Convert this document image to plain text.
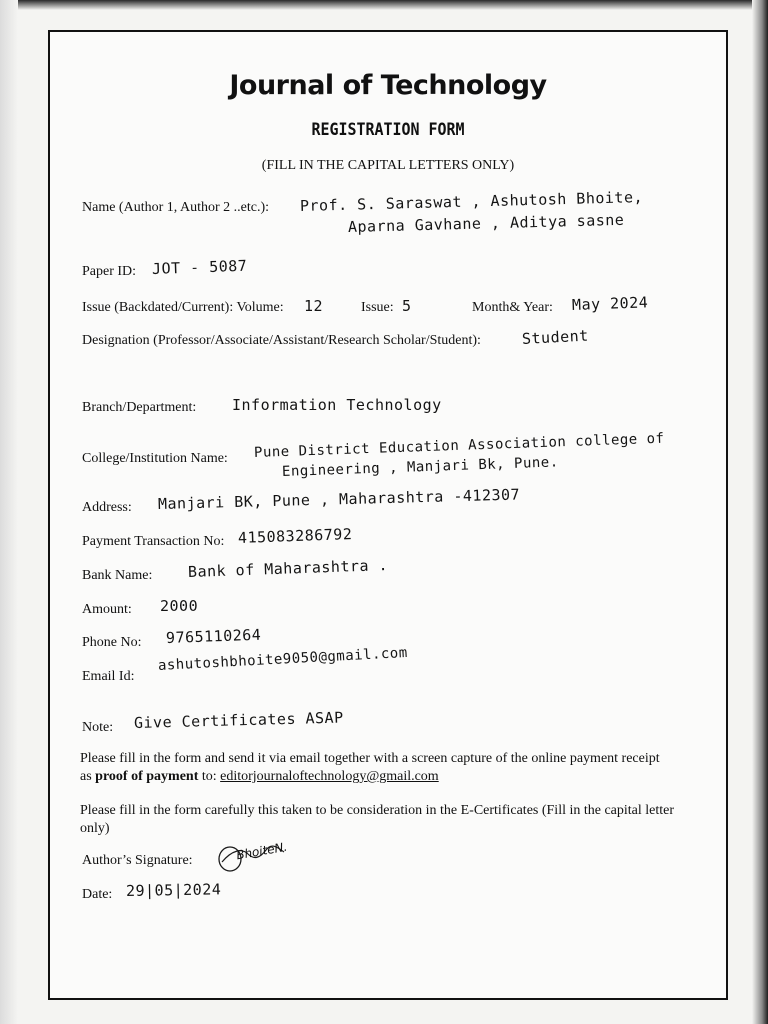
Journal of Technology
REGISTRATION FORM
(FILL IN THE CAPITAL LETTERS ONLY)
Name (Author 1, Author 2 ..etc.): Prof. S. Saraswat , Ashutosh Bhoite,
Aparna Gavhane , Aditya sasne
Paper ID: JOT - 5087
Issue (Backdated/Current): Volume: 12	Issue: 5	Month& Year: May 2024
Designation (Professor/Associate/Assistant/Research Scholar/Student):	Student
Branch/Department: Information Technology
College/Institution Name: Pune District Education Association college of
Engineering , Manjari Bk, Pune.
Address: Manjari BK, Pune , Maharashtra -412307
Payment Transaction No: 415083286792
Bank Name: Bank of Maharashtra .
Amount: 2000
Phone No: 9765110264
Email Id:
ashutoshbhoite9050@gmail.com
Note: Give Certificates ASAP
Please fill in the form and send it via email together with a screen capture of the online payment receipt
as proof of payment to: editorjournaloftechnology@gmail.com
Please fill in the form carefully this taken to be consideration in the E-Certificates (Fill in the capital letter only)
Author’s Signature:	BhoiteN.
Date: 29|05|2024
